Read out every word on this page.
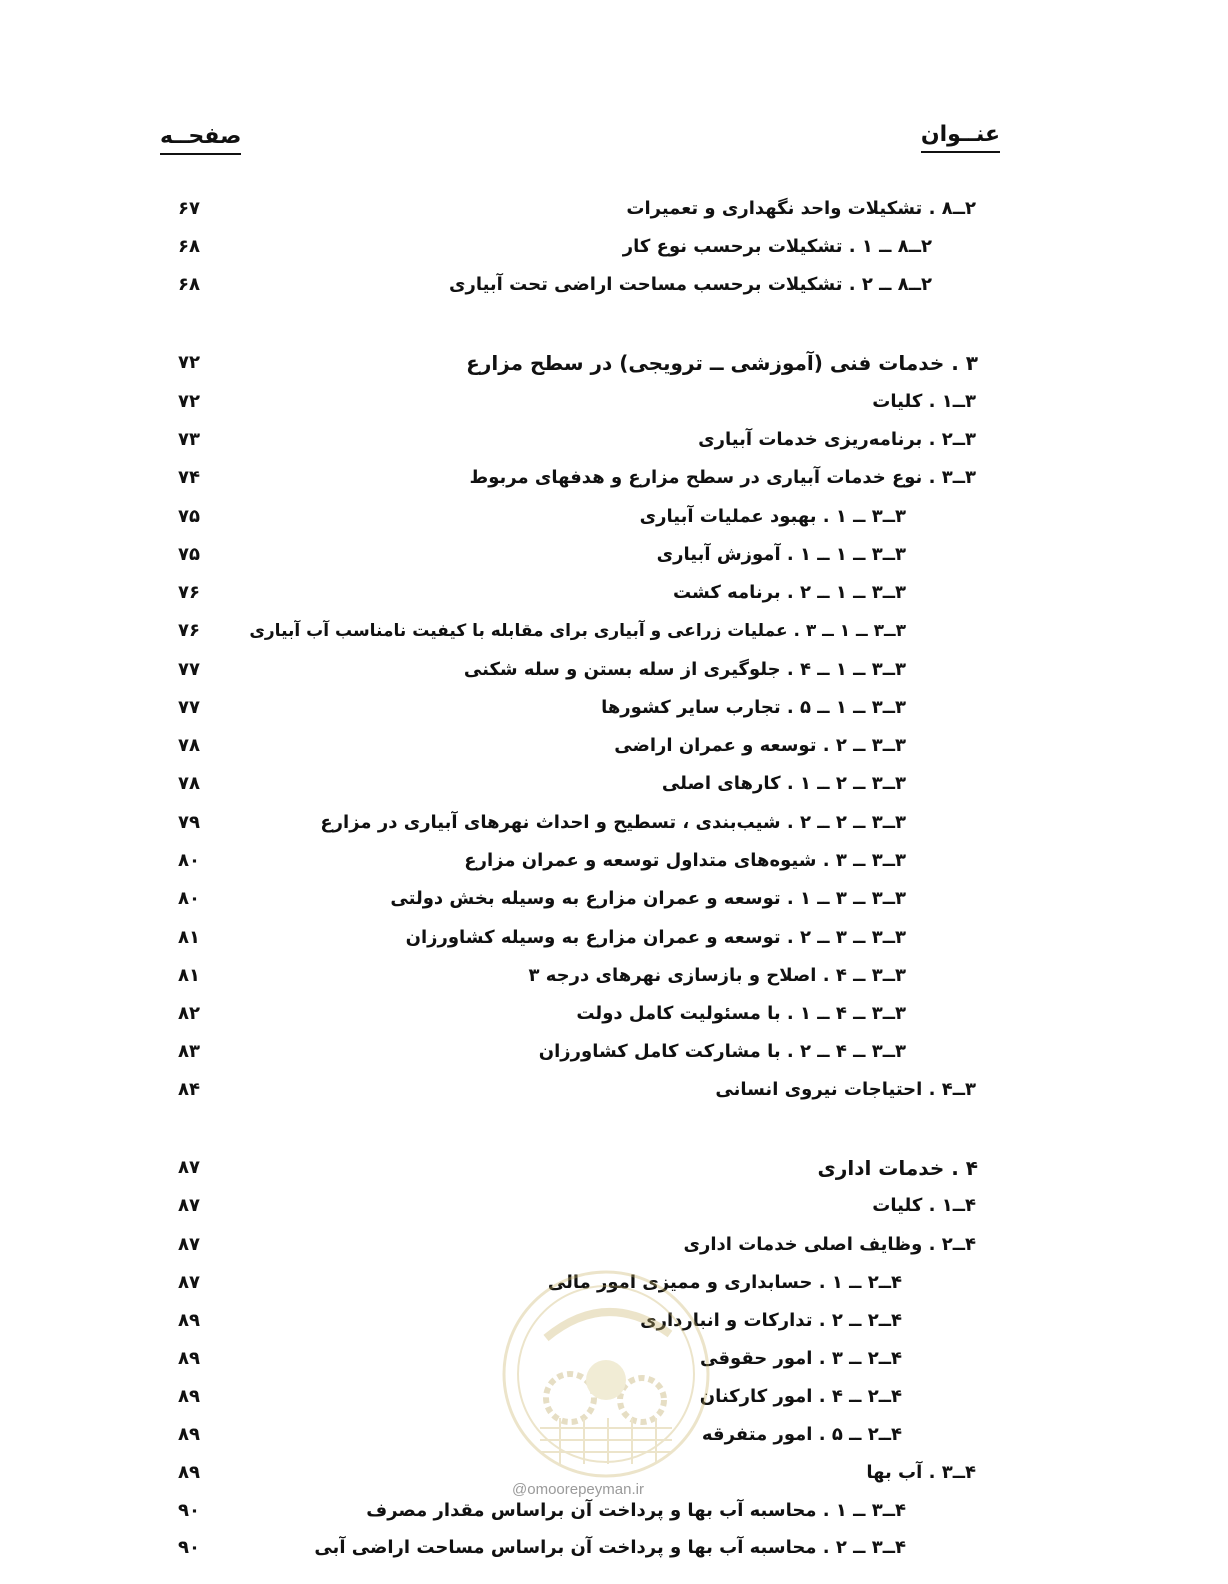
عنــوان
صفحــه
۲ــ۸ . تشکیلات واحد نگهداری و تعمیرات
۶۷
۲ــ۸ ــ ۱ . تشکیلات برحسب نوع کار
۶۸
۲ــ۸ ــ ۲ . تشکیلات برحسب مساحت اراضی تحت آبیاری
۶۸
۳ . خدمات فنی (آموزشی ــ ترویجی) در سطح مزارع
۷۲
۳ــ۱ . کلیات
۷۲
۳ــ۲ . برنامه‌ریزی خدمات آبیاری
۷۳
۳ــ۳ . نوع خدمات آبیاری در سطح مزارع و هدفهای مربوط
۷۴
۳ــ۳ ــ ۱ . بهبود عملیات آبیاری
۷۵
۳ــ۳ ــ ۱ ــ ۱ . آموزش آبیاری
۷۵
۳ــ۳ ــ ۱ ــ ۲ . برنامه کشت
۷۶
۳ــ۳ ــ ۱ ــ ۳ . عملیات زراعی و آبیاری برای مقابله با کیفیت نامناسب آب آبیاری
۷۶
۳ــ۳ ــ ۱ ــ ۴ . جلوگیری از سله بستن و سله شکنی
۷۷
۳ــ۳ ــ ۱ ــ ۵ . تجارب سایر کشورها
۷۷
۳ــ۳ ــ ۲ . توسعه و عمران اراضی
۷۸
۳ــ۳ ــ ۲ ــ ۱ . کارهای اصلی
۷۸
۳ــ۳ ــ ۲ ــ ۲ . شیب‌بندی ، تسطیح و احداث نهرهای آبیاری در مزارع
۷۹
۳ــ۳ ــ ۳ . شیوه‌های متداول توسعه و عمران مزارع
۸۰
۳ــ۳ ــ ۳ ــ ۱ . توسعه و عمران مزارع به وسیله بخش دولتی
۸۰
۳ــ۳ ــ ۳ ــ ۲ . توسعه و عمران مزارع به وسیله کشاورزان
۸۱
۳ــ۳ ــ ۴ . اصلاح و بازسازی نهرهای درجه ۳
۸۱
۳ــ۳ ــ ۴ ــ ۱ . با مسئولیت کامل دولت
۸۲
۳ــ۳ ــ ۴ ــ ۲ . با مشارکت کامل کشاورزان
۸۳
۳ــ۴ . احتیاجات نیروی انسانی
۸۴
۴ . خدمات اداری
۸۷
۴ــ۱ . کلیات
۸۷
۴ــ۲ . وظایف اصلی خدمات اداری
۸۷
۴ــ۲ ــ ۱ . حسابداری و ممیزی امور مالی
۸۷
۴ــ۲ ــ ۲ . تدارکات و انبارداری
۸۹
۴ــ۲ ــ ۳ . امور حقوقی
۸۹
۴ــ۲ ــ ۴ . امور کارکنان
۸۹
۴ــ۲ ــ ۵ . امور متفرقه
۸۹
۴ــ۳ . آب بها
۸۹
۴ــ۳ ــ ۱ . محاسبه آب بها و پرداخت آن براساس مقدار مصرف
۹۰
۴ــ۳ ــ ۲ . محاسبه آب بها و پرداخت آن براساس مساحت اراضی آبی
۹۰
@omoorepeyman.ir
